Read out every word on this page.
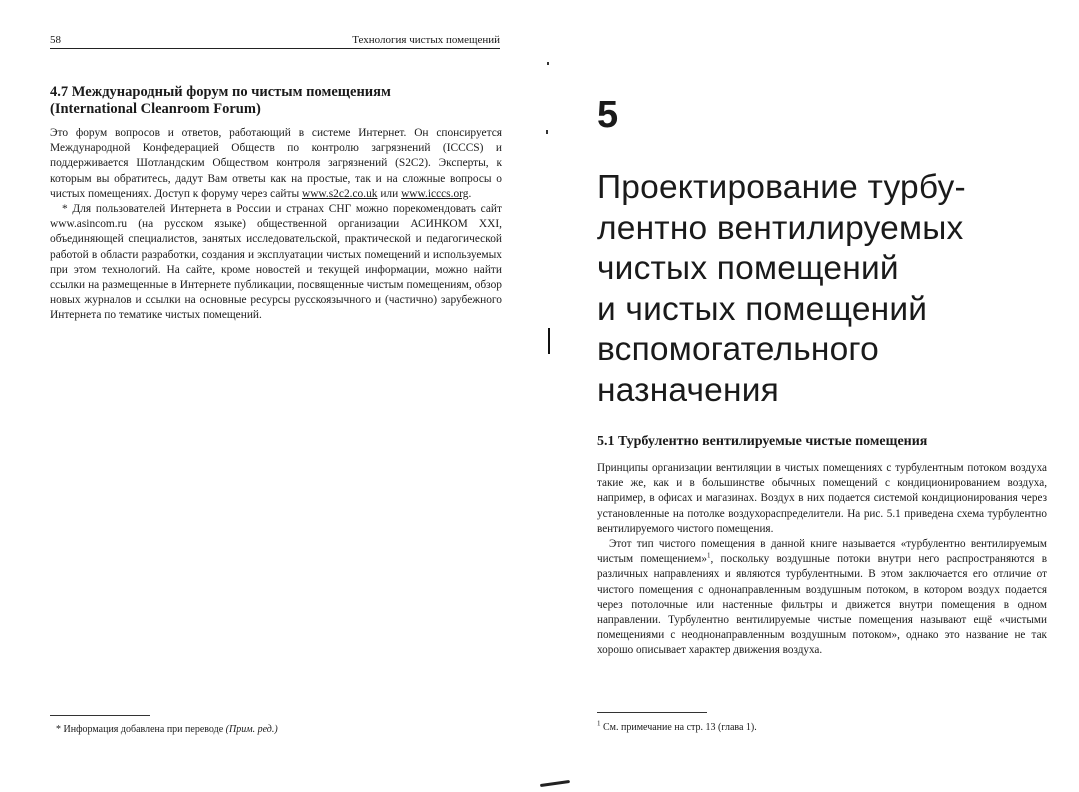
58	Технология чистых помещений
4.7 Международный форум по чистым помещениям
(International Cleanroom Forum)

Это форум вопросов и ответов, работающий в системе Интернет. Он спонсируется Международной Конфедерацией Обществ по контролю загрязнений (ICCCS) и поддерживается Шотландским Обществом контроля загрязнений (S2C2). Эксперты, к которым вы обратитесь, дадут Вам ответы как на простые, так и на сложные вопросы о чистых помещениях. Доступ к форуму через сайты www.s2c2.co.uk или www.icccs.org.

* Для пользователей Интернета в России и странах СНГ можно порекомендовать сайт www.asincom.ru (на русском языке) общественной организации АСИНКОМ XXI, объединяющей специалистов, занятых исследовательской, практической и педагогической работой в области разработки, создания и эксплуатации чистых помещений и используемых при этом технологий. На сайте, кроме новостей и текущей информации, можно найти ссылки на размещенные в Интернете публикации, посвященные чистым помещениям, обзор новых журналов и ссылки на основные ресурсы русскоязычного и (частично) зарубежного Интернета по тематике чистых помещений.

* Информация добавлена при переводе (Прим. ред.)
5
Проектирование турбу-
лентно вентилируемых
чистых помещений
и чистых помещений
вспомогательного
назначения
5.1 Турбулентно вентилируемые чистые помещения

Принципы организации вентиляции в чистых помещениях с турбулентным потоком воздуха такие же, как и в большинстве обычных помещений с кондиционированием воздуха, например, в офисах и магазинах. Воздух в них подается системой кондиционирования через установленные на потолке воздухораспределители. На рис. 5.1 приведена схема турбулентно вентилируемого чистого помещения.

Этот тип чистого помещения в данной книге называется «турбулентно вентилируемым чистым помещением»$^1$, поскольку воздушные потоки внутри него распространяются в различных направлениях и являются турбулентными. В этом заключается его отличие от чистого помещения с однонаправленным воздушным потоком, в котором воздух подается через потолочные или настенные фильтры и движется внутри помещения в одном направлении. Турбулентно вентилируемые чистые помещения называют ещё «чистыми помещениями с неоднонаправленным воздушным потоком», однако это название не так хорошо описывает характер движения воздуха.

$^1$ См. примечание на стр. 13 (глава 1).
